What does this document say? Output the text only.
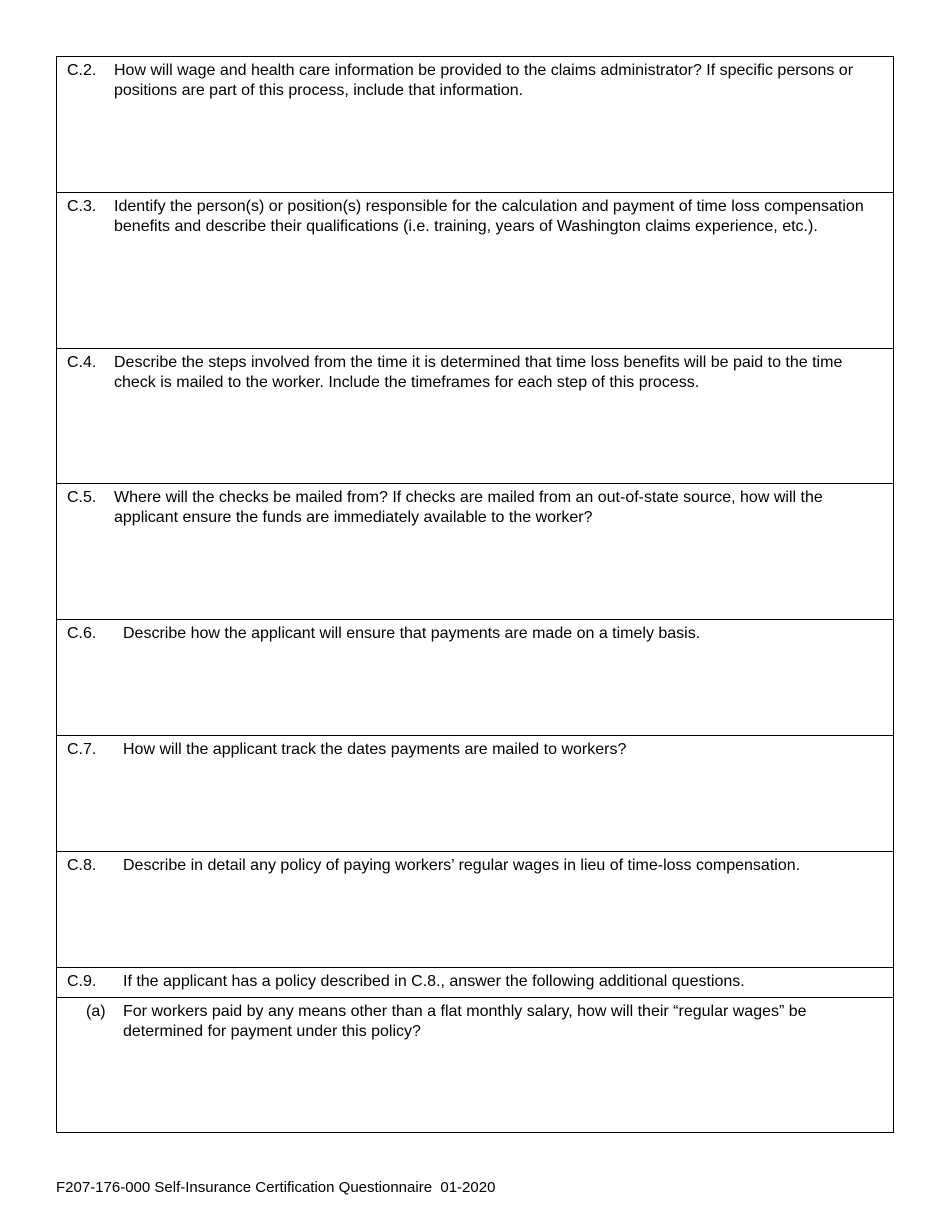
C.2.	How will wage and health care information be provided to the claims administrator? If specific persons or positions are part of this process, include that information.

C.3.	Identify the person(s) or position(s) responsible for the calculation and payment of time loss compensation benefits and describe their qualifications (i.e. training, years of Washington claims experience, etc.).

C.4.	Describe the steps involved from the time it is determined that time loss benefits will be paid to the time check is mailed to the worker. Include the timeframes for each step of this process.

C.5.	Where will the checks be mailed from? If checks are mailed from an out-of-state source, how will the applicant ensure the funds are immediately available to the worker?

C.6.	Describe how the applicant will ensure that payments are made on a timely basis.

C.7.	How will the applicant track the dates payments are mailed to workers?

C.8.	Describe in detail any policy of paying workers’ regular wages in lieu of time-loss compensation.

C.9.	If the applicant has a policy described in C.8., answer the following additional questions.

(a)	For workers paid by any means other than a flat monthly salary, how will their “regular wages” be determined for payment under this policy?
F207-176-000 Self-Insurance Certification Questionnaire  01-2020
